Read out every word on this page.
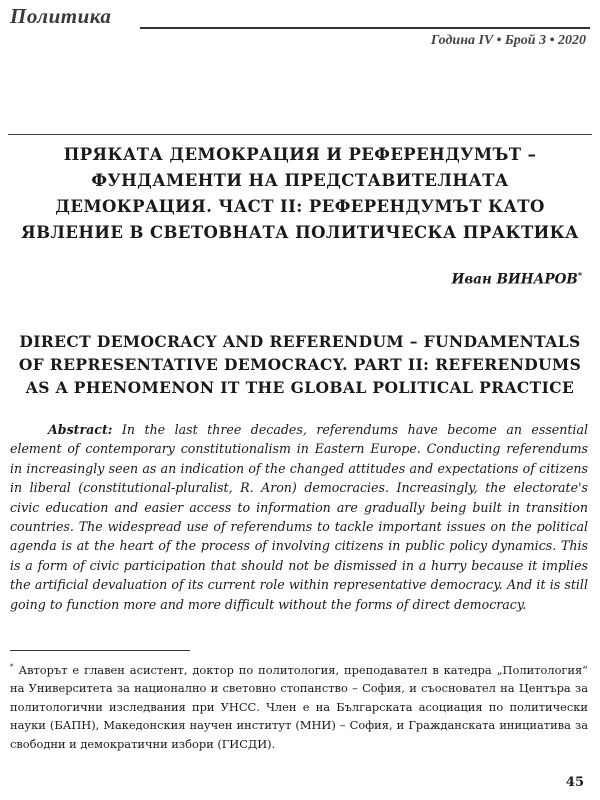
Политика
Година IV • Брой 3 • 2020
ПРЯКАТА ДЕМОКРАЦИЯ И РЕФЕРЕНДУМЪТ – ФУНДАМЕНТИ НА ПРЕДСТАВИТЕЛНАТА ДЕМОКРАЦИЯ. ЧАСТ II: РЕФЕРЕНДУМЪТ КАТО ЯВЛЕНИЕ В СВЕТОВНАТА ПОЛИТИЧЕСКА ПРАКТИКА
Иван ВИНАРОВ*
DIRECT DEMOCRACY AND REFERENDUM – FUNDAMENTALS OF REPRESENTATIVE DEMOCRACY. PART II: REFERENDUMS AS A PHENOMENON IT THE GLOBAL POLITICAL PRACTICE

Abstract: In the last three decades, referendums have become an essential element of contemporary constitutionalism in Eastern Europe. Conducting referendums in increasingly seen as an indication of the changed attitudes and expectations of citizens in liberal (constitutional-pluralist, R. Aron) democracies. Increasingly, the electorate's civic education and easier access to information are gradually being built in transition countries. The widespread use of referendums to tackle important issues on the political agenda is at the heart of the process of involving citizens in public policy dynamics. This is a form of civic participation that should not be dismissed in a hurry because it implies the artificial devaluation of its current role within representative democracy. And it is still going to function more and more difficult without the forms of direct democracy.

* Авторът е главен асистент, доктор по политология, преподавател в катедра „Политология“ на Университета за национално и световно стопанство – София, и съосновател на Центъра за политологични изследвания при УНСС. Член е на Българската асоциация по политически науки (БАПН), Македонския научен институт (МНИ) – София, и Гражданската инициатива за свободни и демократични избори (ГИСДИ).

45
